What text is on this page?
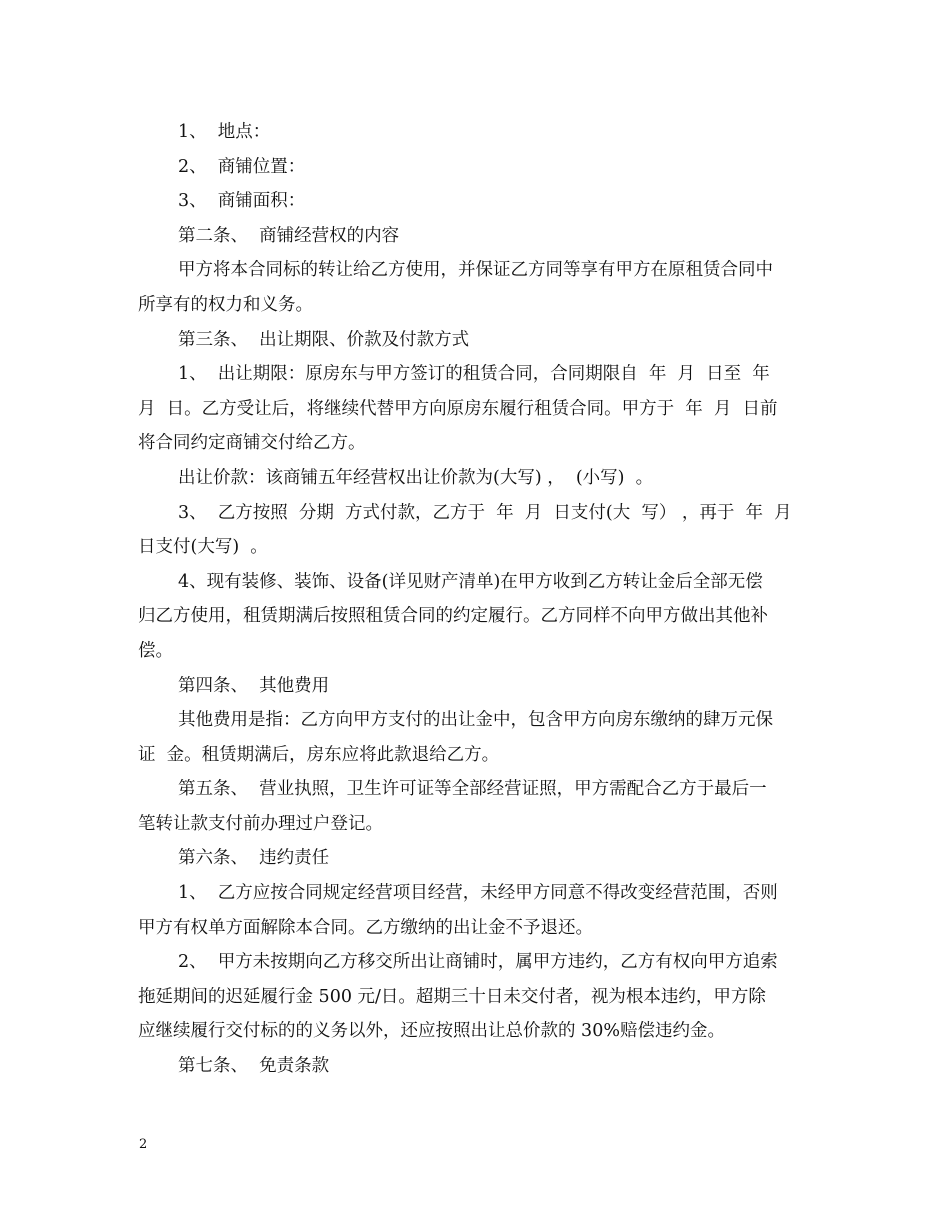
1、  地点：
2、  商铺位置：
3、  商铺面积：
第二条、  商铺经营权的内容
甲方将本合同标的转让给乙方使用，并保证乙方同等享有甲方在原租赁合同中
所享有的权力和义务。
第三条、  出让期限、价款及付款方式
1、  出让期限：原房东与甲方签订的租赁合同，合同期限自  年  月  日至  年
月  日。乙方受让后，将继续代替甲方向原房东履行租赁合同。甲方于  年  月  日前
将合同约定商铺交付给乙方。
出让价款：该商铺五年经营权出让价款为(大写) ，  (小写)  。
3、  乙方按照  分期  方式付款，乙方于  年  月  日支付(大  写） ，再于  年  月
日支付(大写)  。
4、现有装修、装饰、设备(详见财产清单)在甲方收到乙方转让金后全部无偿
归乙方使用，租赁期满后按照租赁合同的约定履行。乙方同样不向甲方做出其他补
偿。
第四条、  其他费用
其他费用是指：乙方向甲方支付的出让金中，包含甲方向房东缴纳的肆万元保
证  金。租赁期满后，房东应将此款退给乙方。
第五条、  营业执照，卫生许可证等全部经营证照，甲方需配合乙方于最后一
笔转让款支付前办理过户登记。
第六条、  违约责任
1、  乙方应按合同规定经营项目经营，未经甲方同意不得改变经营范围，否则
甲方有权单方面解除本合同。乙方缴纳的出让金不予退还。
2、  甲方未按期向乙方移交所出让商铺时，属甲方违约，乙方有权向甲方追索
拖延期间的迟延履行金 500 元/日。超期三十日未交付者，视为根本违约，甲方除
应继续履行交付标的的义务以外，还应按照出让总价款的 30%赔偿违约金。
第七条、  免责条款
2
